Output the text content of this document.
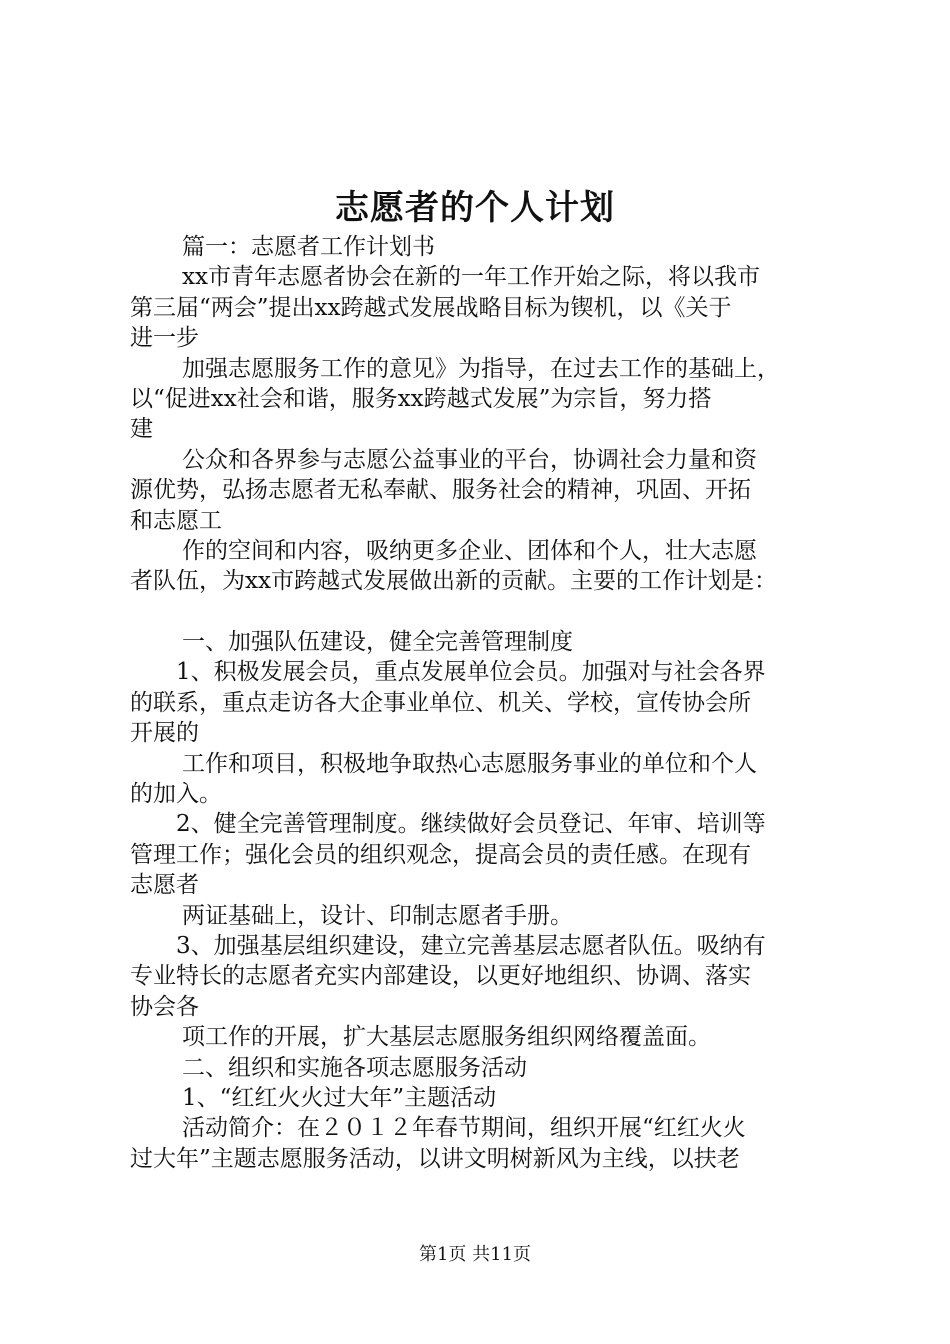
志愿者的个人计划
篇一：志愿者工作计划书
xx市青年志愿者协会在新的一年工作开始之际，将以我市
第三届“两会”提出xx跨越式发展战略目标为锲机，以《关于
进一步
加强志愿服务工作的意见》为指导，在过去工作的基础上，
以“促进xx社会和谐，服务xx跨越式发展”为宗旨，努力搭
建
公众和各界参与志愿公益事业的平台，协调社会力量和资
源优势，弘扬志愿者无私奉献、服务社会的精神，巩固、开拓
和志愿工
作的空间和内容，吸纳更多企业、团体和个人，壮大志愿
者队伍，为xx市跨越式发展做出新的贡献。主要的工作计划是：
一、加强队伍建设，健全完善管理制度
1、积极发展会员，重点发展单位会员。加强对与社会各界
的联系，重点走访各大企事业单位、机关、学校，宣传协会所
开展的
工作和项目，积极地争取热心志愿服务事业的单位和个人
的加入。
2、健全完善管理制度。继续做好会员登记、年审、培训等
管理工作；强化会员的组织观念，提高会员的责任感。在现有
志愿者
两证基础上，设计、印制志愿者手册。
3、加强基层组织建设，建立完善基层志愿者队伍。吸纳有
专业特长的志愿者充实内部建设，以更好地组织、协调、落实
协会各
项工作的开展，扩大基层志愿服务组织网络覆盖面。
二、组织和实施各项志愿服务活动
1、“红红火火过大年”主题活动
活动简介：在２０１２年春节期间，组织开展“红红火火
过大年”主题志愿服务活动，以讲文明树新风为主线，以扶老
第1页 共11页
